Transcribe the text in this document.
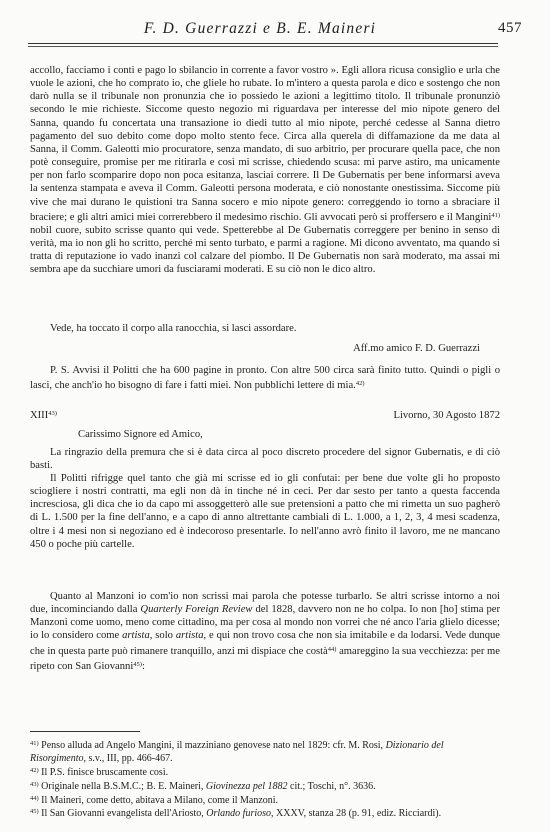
F. D. Guerrazzi e B. E. Maineri	457

accollo, facciamo i conti e pago lo sbilancio in corrente a favor vostro ». Egli allora ricusa consiglio e urla che vuole le azioni, che ho comprato io, che gliele ho rubate. Io m'intero a questa parola e dico e sostengo che non darò nulla se il tribunale non pronunzia che io possiedo le azioni a legittimo titolo. Il tribunale pronunziò secondo le mie richieste. Siccome questo negozio mi riguardava per interesse del mio nipote genero del Sanna, quando fu concertata una transazione io diedi tutto al mio nipote, perché cedesse al Sanna dietro pagamento del suo debito come dopo molto stento fece. Circa alla querela di diffamazione da me data al Sanna, il Comm. Galeotti mio procuratore, senza mandato, di suo arbitrio, per procurare quella pace, che non potè conseguire, promise per me ritirarla e così mi scrisse, chiedendo scusa: mi parve astiro, ma unicamente per non farlo scomparire dopo non poca esitanza, lasciai correre. Il De Gubernatis per bene informarsi aveva la sentenza stampata e aveva il Comm. Galeotti persona moderata, e ciò nonostante onestissima. Siccome più vive che mai durano le quistioni tra Sanna socero e mio nipote genero: correggendo io torno a sbraciare il braciere; e gli altri amici miei correrebbero il medesimo rischio. Gli avvocati però si proffersero e il Mangini$^{41)}$ nobil cuore, subito scrisse quanto qui vede. Spetterebbe al De Gubernatis correggere per benino in senso di verità, ma io non gli ho scritto, perché mi sento turbato, e parmi a ragione. Mi dicono avventato, ma quando si tratta di reputazione io vado inanzi col calzare del piombo. Il De Gubernatis non sarà moderato, ma assai mi sembra ape da succhiare umori da fusciarami moderati. E su ciò non le dico altro.

Vede, ha toccato il corpo alla ranocchia, si lasci assordare.

Aff.mo amico F. D. Guerrazzi

P. S. Avvisi il Politti che ha 600 pagine in pronto. Con altre 500 circa sarà finito tutto. Quindi o pigli o lasci, che anch'io ho bisogno di fare i fatti miei. Non pubblichi lettere di mia.$^{42)}$

XIII$^{43)}$	Livorno, 30 Agosto 1872

Carissimo Signore ed Amico,

La ringrazio della premura che si è data circa al poco discreto procedere del signor Gubernatis, e di ciò basti.

Il Politti rifrigge quel tanto che già mi scrisse ed io gli confutai: per bene due volte gli ho proposto sciogliere i nostri contratti, ma egli non dà in tinche né in ceci. Per dar sesto per tanto a questa faccenda incresciosa, gli dica che io da capo mi assoggetterò alle sue pretensioni a patto che mi rimetta un suo pagherò di L. 1.500 per la fine dell'anno, e a capo di anno altrettante cambiali di L. 1.000, a 1, 2, 3, 4 mesi scadenza, oltre i 4 mesi non si negoziano ed è indecoroso presentarle. Io nell'anno avrò finito il lavoro, me ne mancano 450 o poche più cartelle.

Quanto al Manzoni io com'io non scrissi mai parola che potesse turbarlo. Se altri scrisse intorno a noi due, incominciando dalla Quarterly Foreign Review del 1828, davvero non ne ho colpa. Io non [ho] stima per Manzoni come uomo, meno come cittadino, ma per cosa al mondo non vorrei che né anco l'aria glielo dicesse; io lo considero come artista, solo artista, e qui non trovo cosa che non sia imitabile e da lodarsi. Vede dunque che in questa parte può rimanere tranquillo, anzi mi dispiace che costà$^{44)}$ amareggino la sua vecchiezza: per me ripeto con San Giovanni$^{45)}$:

$^{41)}$ Penso alluda ad Angelo Mangini, il mazziniano genovese nato nel 1829: cfr. M. Rosi, Dizionario del Risorgimento, s.v., III, pp. 466-467.

$^{42)}$ Il P.S. finisce bruscamente così.

$^{43)}$ Originale nella B.S.M.C.; B. E. Maineri, Giovinezza pel 1882 cit.; Toschi, n°. 3636.

$^{44)}$ Il Maineri, come detto, abitava a Milano, come il Manzoni.

$^{45)}$ Il San Giovanni evangelista dell'Ariosto, Orlando furioso, XXXV, stanza 28 (p. 91, ediz. Ricciardi).
